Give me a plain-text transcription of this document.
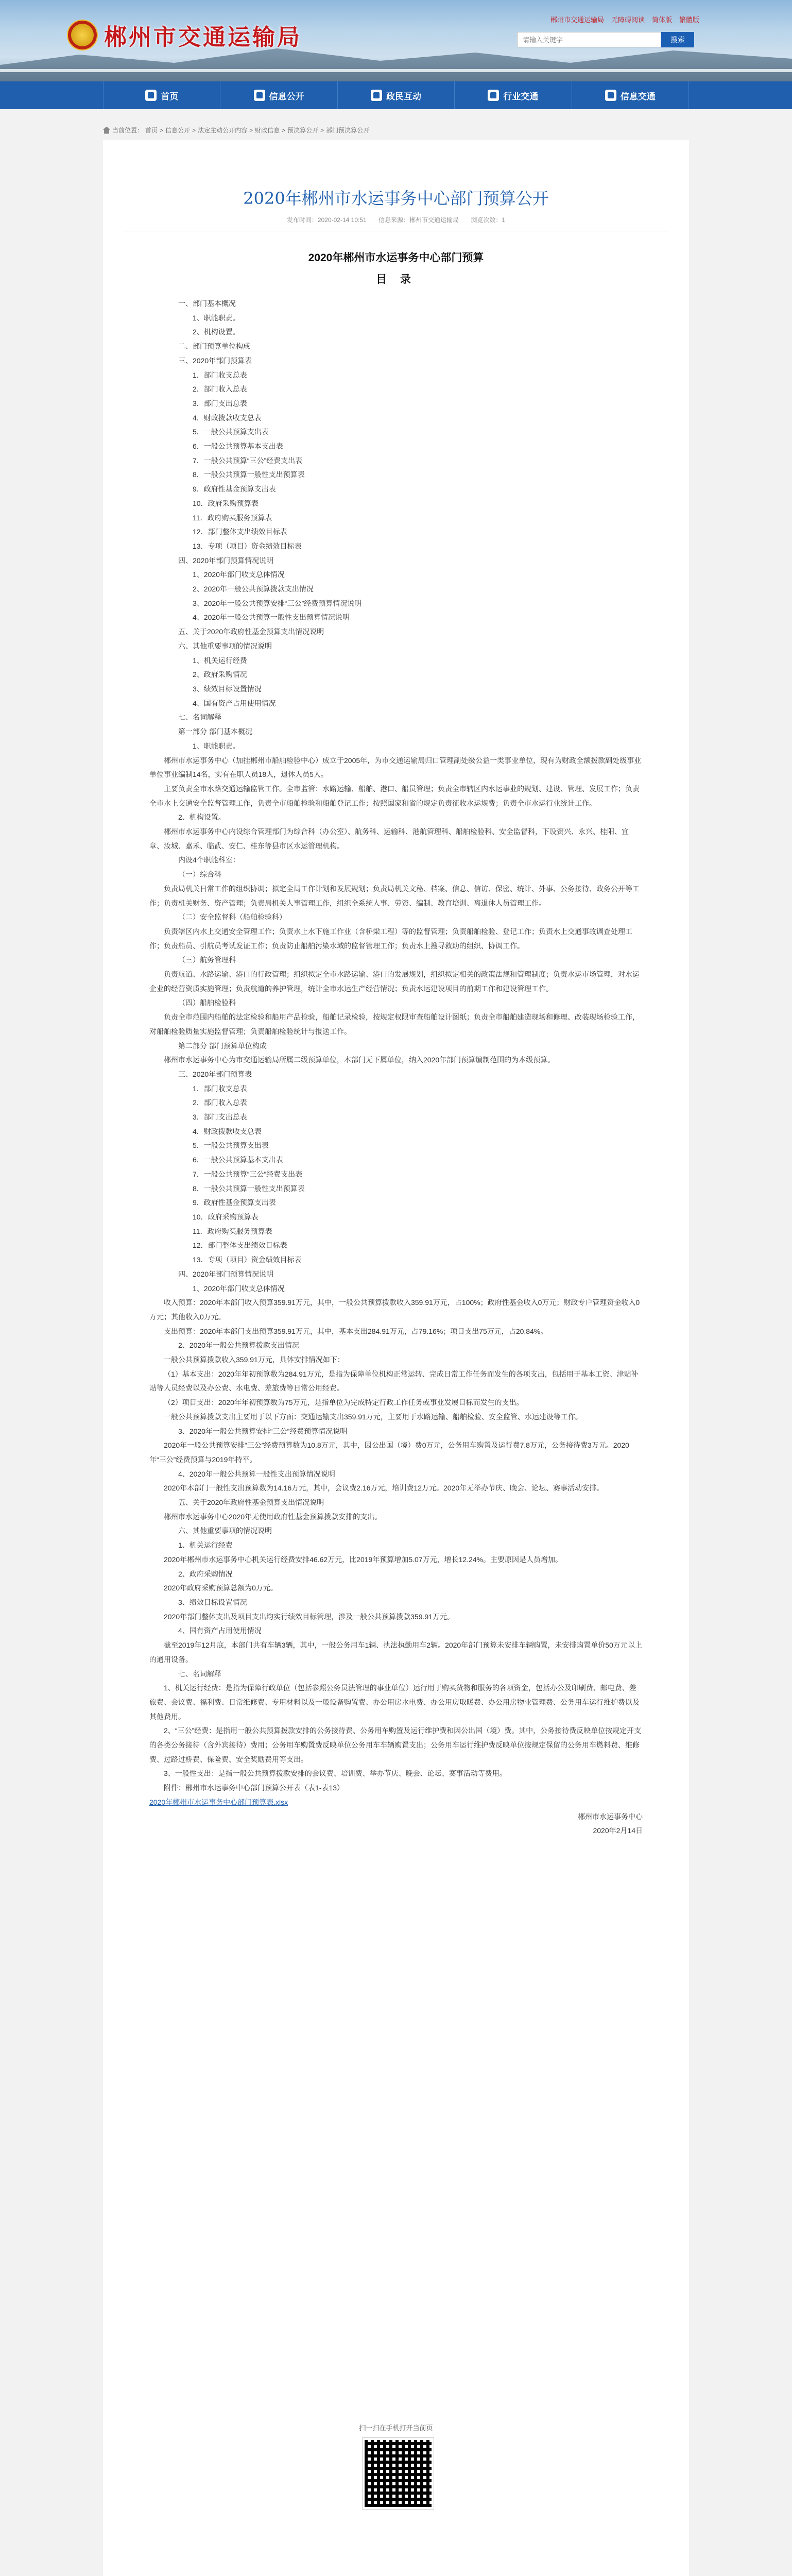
郴州市交通运输局
郴州市交通运输局 无障碍阅读 简体版 繁體版
请输入关键字
搜索
首页	信息公开	政民互动	行业交通	信息交通
当前位置： 首页 > 信息公开 > 法定主动公开内容 > 财政信息 > 预决算公开 > 部门预决算公开
2020年郴州市水运事务中心部门预算公开
发布时间：2020-02-14 10:51 信息来源：郴州市交通运输局 浏览次数：1
2020年郴州市水运事务中心部门预算
目 录

一、部门基本概况

1、职能职责。

2、机构设置。

二、部门预算单位构成

三、2020年部门预算表

1．部门收支总表

2．部门收入总表

3．部门支出总表

4．财政拨款收支总表

5．一般公共预算支出表

6．一般公共预算基本支出表

7．一般公共预算“三公”经费支出表

8．一般公共预算一般性支出预算表

9．政府性基金预算支出表

10．政府采购预算表

11．政府购买服务预算表

12．部门整体支出绩效目标表

13．专项（项目）资金绩效目标表

四、2020年部门预算情况说明

1、2020年部门收支总体情况

2、2020年一般公共预算拨款支出情况

3、2020年一般公共预算安排“三公”经费预算情况说明

4、2020年一般公共预算一般性支出预算情况说明

五、关于2020年政府性基金预算支出情况说明

六、其他重要事项的情况说明

1、机关运行经费

2、政府采购情况

3、绩效目标设置情况

4、国有资产占用使用情况

七、名词解释

第一部分 部门基本概况

1、职能职责。

郴州市水运事务中心（加挂郴州市船舶检验中心）成立于2005年，为市交通运输局归口管理副处级公益一类事业单位，现有为财政全额拨款副处级事业单位事业编制14名，实有在职人员18人，退休人员5人。

主要负责全市水路交通运输监管工作。全市监管：水路运输、船舶、港口、船员管理；负责全市辖区内水运事业的规划、建设、管理、发展工作；负责全市水上交通安全监督管理工作，负责全市船舶检验和船舶登记工作；按照国家和省的规定负责征收水运规费；负责全市水运行业统计工作。

2、机构设置。

郴州市水运事务中心内设综合管理部门为综合科（办公室）、航务科、运输科、港航管理科、船舶检验科、安全监督科，下设资兴、永兴、桂阳、宜章、汝城、嘉禾、临武、安仁、桂东等县市区水运管理机构。

内设4个职能科室：

（一）综合科

负责局机关日常工作的组织协调；拟定全局工作计划和发展规划；负责局机关文秘、档案、信息、信访、保密、统计、外事、公务接待、政务公开等工作；负责机关财务、资产管理；负责局机关人事管理工作，组织全系统人事、劳资、编制、教育培训、离退休人员管理工作。

（二）安全监督科（船舶检验科）

负责辖区内水上交通安全管理工作；负责水上水下施工作业（含桥梁工程）等的监督管理；负责船舶检验、登记工作；负责水上交通事故调查处理工作；负责船员、引航员考试发证工作；负责防止船舶污染水域的监督管理工作；负责水上搜寻救助的组织、协调工作。

（三）航务管理科

负责航道、水路运输、港口的行政管理；组织拟定全市水路运输、港口的发展规划，组织拟定相关的政策法规和管理制度；负责水运市场管理，对水运企业的经营资质实施管理；负责航道的养护管理，统计全市水运生产经营情况；负责水运建设项目的前期工作和建设管理工作。

（四）船舶检验科

负责全市范围内船舶的法定检验和船用产品检验，船舶记录检验，按规定权限审查船舶设计图纸；负责全市船舶建造现场和修理、改装现场检验工作，对船舶检验质量实施监督管理；负责船舶检验统计与报送工作。

第二部分 部门预算单位构成

郴州市水运事务中心为市交通运输局所属二级预算单位，本部门无下属单位，纳入2020年部门预算编制范围的为本级预算。

三、2020年部门预算表

1．部门收支总表

2．部门收入总表

3．部门支出总表

4．财政拨款收支总表

5．一般公共预算支出表

6．一般公共预算基本支出表

7．一般公共预算“三公”经费支出表

8．一般公共预算一般性支出预算表

9．政府性基金预算支出表

10．政府采购预算表

11．政府购买服务预算表

12．部门整体支出绩效目标表

13．专项（项目）资金绩效目标表

四、2020年部门预算情况说明

1、2020年部门收支总体情况

收入预算：2020年本部门收入预算359.91万元，其中，一般公共预算拨款收入359.91万元，占100%；政府性基金收入0万元；财政专户管理资金收入0万元；其他收入0万元。

支出预算：2020年本部门支出预算359.91万元，其中，基本支出284.91万元，占79.16%；项目支出75万元，占20.84%。

2、2020年一般公共预算拨款支出情况

一般公共预算拨款收入359.91万元，具体安排情况如下：

（1）基本支出：2020年年初预算数为284.91万元，是指为保障单位机构正常运转、完成日常工作任务而发生的各项支出，包括用于基本工资、津贴补贴等人员经费以及办公费、水电费、差旅费等日常公用经费。

（2）项目支出：2020年年初预算数为75万元，是指单位为完成特定行政工作任务或事业发展目标而发生的支出。

一般公共预算拨款支出主要用于以下方面：交通运输支出359.91万元，主要用于水路运输、船舶检验、安全监管、水运建设等工作。

3、2020年一般公共预算安排“三公”经费预算情况说明

2020年一般公共预算安排“三公”经费预算数为10.8万元，其中，因公出国（境）费0万元，公务用车购置及运行费7.8万元，公务接待费3万元。2020年“三公”经费预算与2019年持平。

4、2020年一般公共预算一般性支出预算情况说明

2020年本部门一般性支出预算数为14.16万元，其中，会议费2.16万元，培训费12万元。2020年无举办节庆、晚会、论坛、赛事活动安排。

五、关于2020年政府性基金预算支出情况说明

郴州市水运事务中心2020年无使用政府性基金预算拨款安排的支出。

六、其他重要事项的情况说明

1、机关运行经费

2020年郴州市水运事务中心机关运行经费安排46.62万元，比2019年预算增加5.07万元，增长12.24%。主要原因是人员增加。

2、政府采购情况

2020年政府采购预算总额为0万元。

3、绩效目标设置情况

2020年部门整体支出及项目支出均实行绩效目标管理，涉及一般公共预算拨款359.91万元。

4、国有资产占用使用情况

截至2019年12月底，本部门共有车辆3辆，其中，一般公务用车1辆、执法执勤用车2辆。2020年部门预算未安排车辆购置，未安排购置单价50万元以上的通用设备。

七、名词解释

1、机关运行经费：是指为保障行政单位（包括参照公务员法管理的事业单位）运行用于购买货物和服务的各项资金，包括办公及印刷费、邮电费、差旅费、会议费、福利费、日常维修费、专用材料以及一般设备购置费、办公用房水电费、办公用房取暖费、办公用房物业管理费、公务用车运行维护费以及其他费用。

2、“三公”经费：是指用一般公共预算拨款安排的公务接待费、公务用车购置及运行维护费和因公出国（境）费。其中，公务接待费反映单位按规定开支的各类公务接待（含外宾接待）费用；公务用车购置费反映单位公务用车车辆购置支出；公务用车运行维护费反映单位按规定保留的公务用车燃料费、维修费、过路过桥费、保险费、安全奖励费用等支出。

3、一般性支出：是指一般公共预算拨款安排的会议费、培训费、举办节庆、晚会、论坛、赛事活动等费用。

附件：郴州市水运事务中心部门预算公开表（表1-表13）

2020年郴州市水运事务中心部门预算表.xlsx

郴州市水运事务中心

2020年2月14日

扫一扫在手机打开当前页
